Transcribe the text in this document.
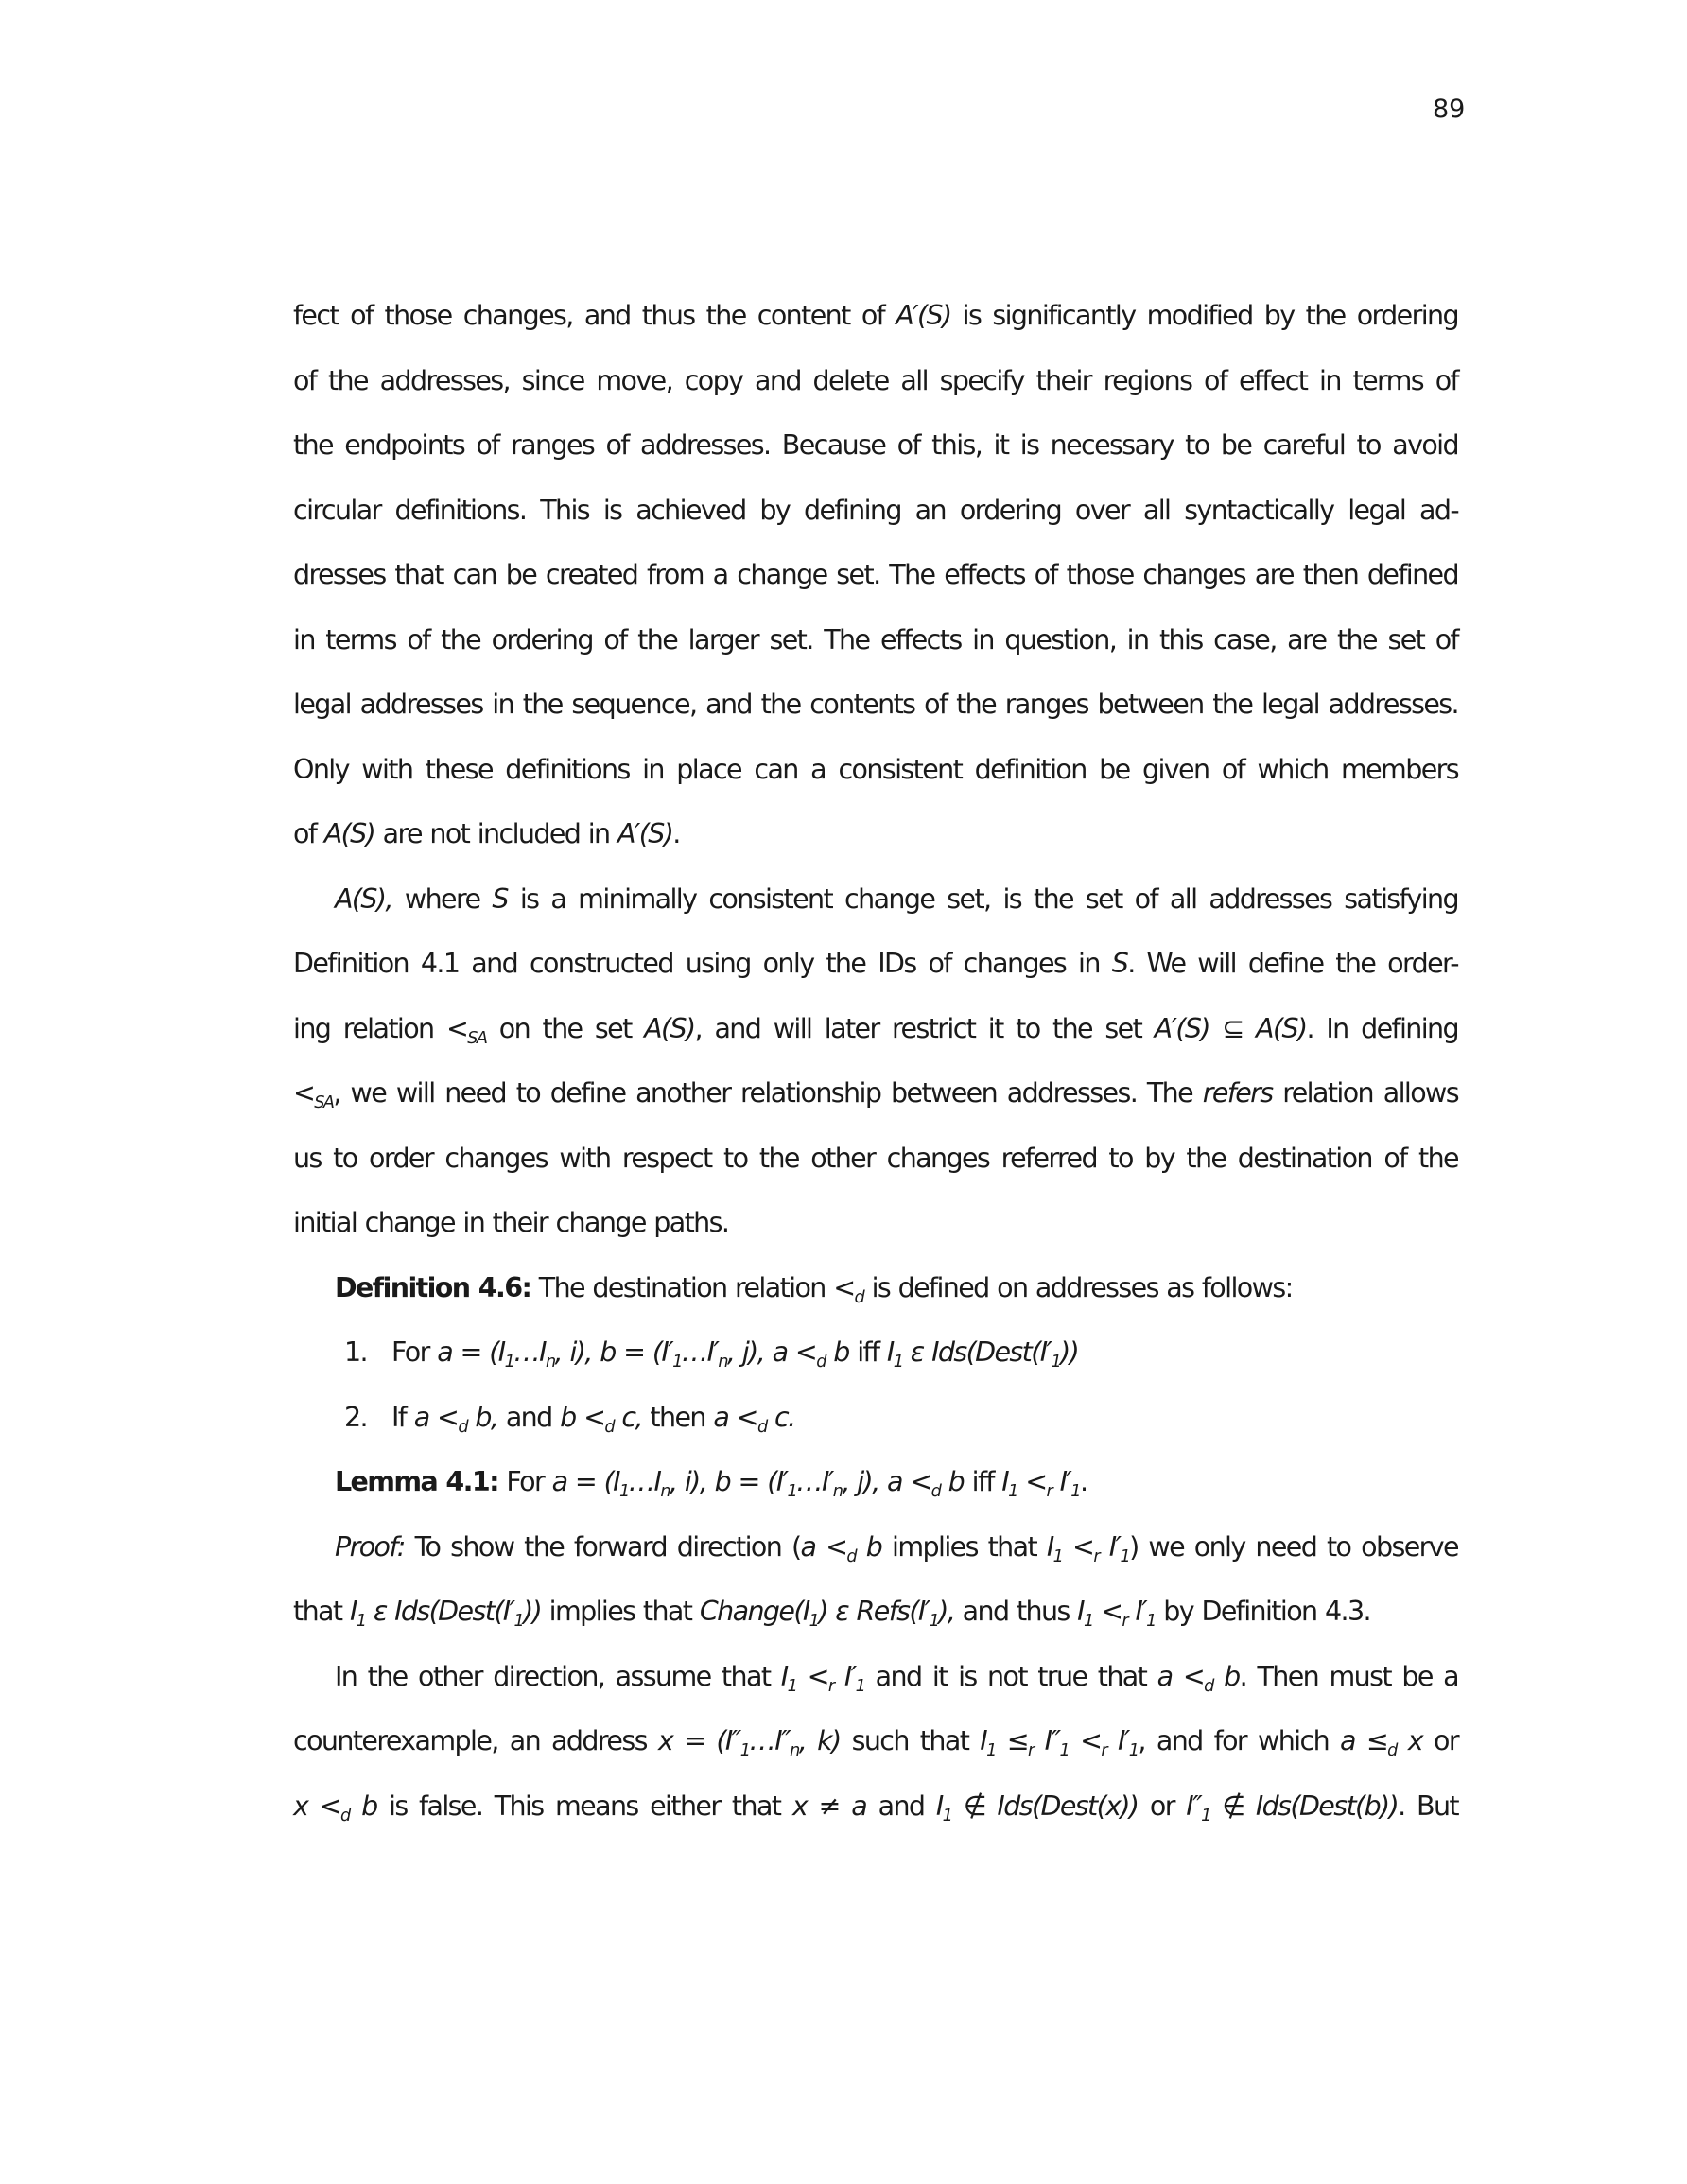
89
fect of those changes, and thus the content of A′(S) is significantly modified by the ordering
of the addresses, since move, copy and delete all specify their regions of effect in terms of
the endpoints of ranges of addresses. Because of this, it is necessary to be careful to avoid
circular definitions. This is achieved by defining an ordering over all syntactically legal ad-
dresses that can be created from a change set. The effects of those changes are then defined
in terms of the ordering of the larger set. The effects in question, in this case, are the set of
legal addresses in the sequence, and the contents of the ranges between the legal addresses.
Only with these definitions in place can a consistent definition be given of which members
of A(S) are not included in A′(S).
A(S), where S is a minimally consistent change set, is the set of all addresses satisfying
Definition 4.1 and constructed using only the IDs of changes in S. We will define the order-
ing relation $<_{SA}$ on the set A(S), and will later restrict it to the set A′(S) ⊆ A(S). In defining
$<_{SA}$, we will need to define another relationship between addresses. The refers relation allows
us to order changes with respect to the other changes referred to by the destination of the
initial change in their change paths.
Definition 4.6: The destination relation $<_d$ is defined on addresses as follows:
1. For $a = (I_1\dots I_n$, i), $b = (I'_1\dots I'_n$, j), $a <_d$ b iff $I_1$ ε $Ids(Dest(I'_1))$
2. If $a <_d$ b, and $b <_d$ c, then $a <_d$ c.
Lemma 4.1: For $a = (I_1\dots I_n$, i), $b = (I'_1\dots I'_n$, j), $a <_d$ b iff $I_1 <_r$ $I'_1$.
Proof: To show the forward direction ($a <_d$ b implies that $I_1 <_r$ $I'_1$) we only need to observe
that $I_1$ ε $Ids(Dest(I'_1))$ implies that $Change(I_1)$ ε $Refs(I'_1)$, and thus $I_1 <_r$ $I'_1$ by Definition 4.3.
In the other direction, assume that $I_1 <_r$ $I'_1$ and it is not true that $a <_d$ b. Then must be a
counterexample, an address $x = (I''_1\dots I''_n$, k) such that $I_1 \le_r$ $I''_1 <_r$ $I'_1$, and for which $a \le_d$ x or
$x <_d$ b is false. This means either that x ≠ a and $I_1$ ∉ Ids(Dest(x)) or $I''_1$ ∉ Ids(Dest(b)). But
